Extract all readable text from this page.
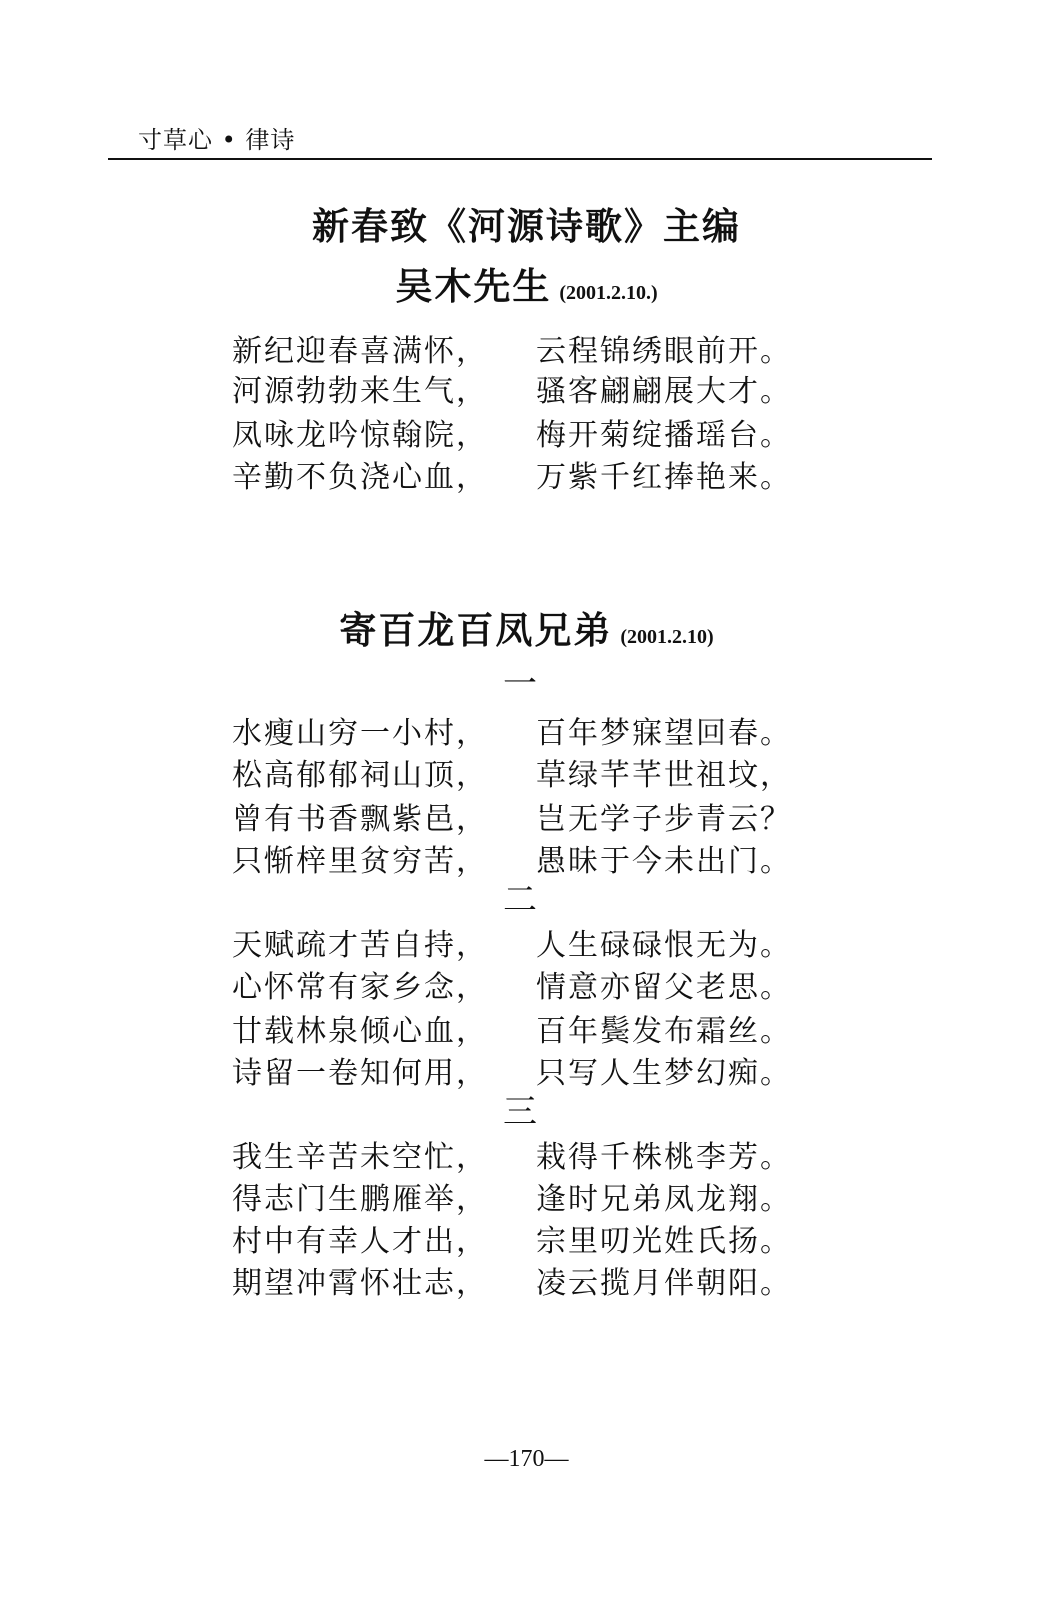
寸草心 • 律诗
新春致《河源诗歌》主编
吴木先生 (2001.2.10.)
新纪迎春喜满怀， 云程锦绣眼前开。
河源勃勃来生气， 骚客翩翩展大才。
凤咏龙吟惊翰院， 梅开菊绽播瑶台。
辛勤不负浇心血， 万紫千红捧艳来。
寄百龙百凤兄弟 (2001.2.10)
一
水瘦山穷一小村， 百年梦寐望回春。
松高郁郁祠山顶， 草绿芊芊世祖坟，
曾有书香飘紫邑， 岂无学子步青云？
只惭梓里贫穷苦， 愚昧于今未出门。
二
天赋疏才苦自持， 人生碌碌恨无为。
心怀常有家乡念， 情意亦留父老思。
廿载林泉倾心血， 百年鬓发布霜丝。
诗留一卷知何用， 只写人生梦幻痴。
三
我生辛苦未空忙， 栽得千株桃李芳。
得志门生鹏雁举， 逢时兄弟凤龙翔。
村中有幸人才出， 宗里叨光姓氏扬。
期望冲霄怀壮志， 凌云揽月伴朝阳。
—170—
